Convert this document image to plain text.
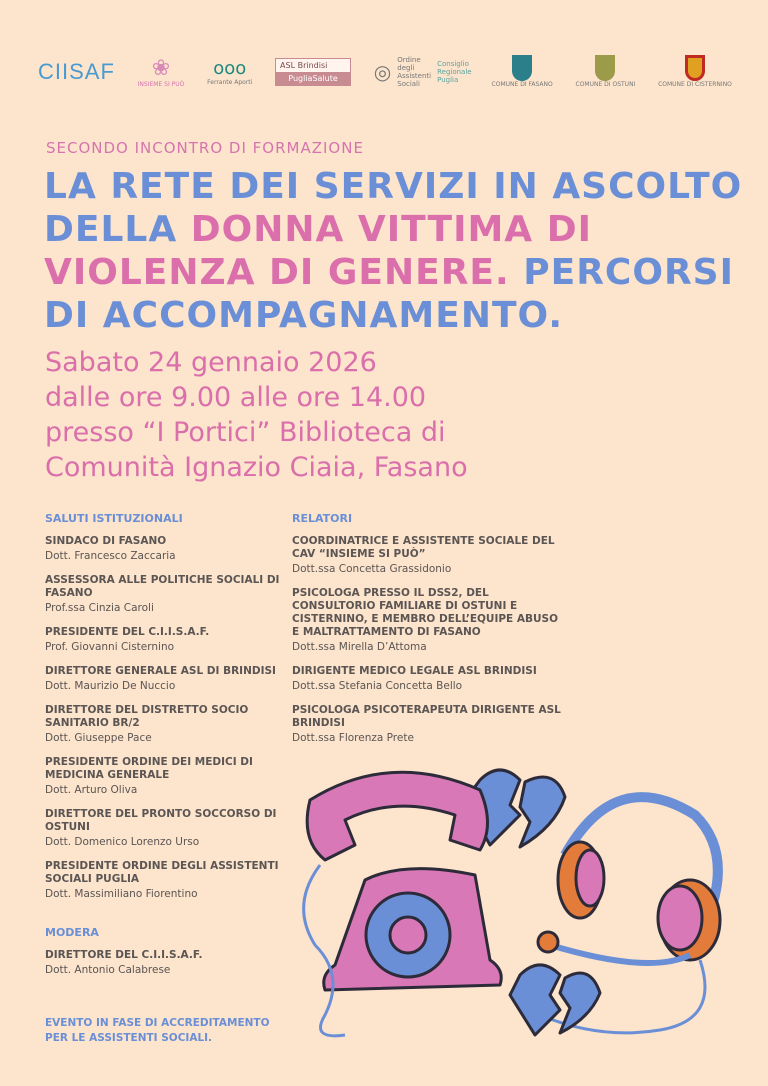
CIISAF ❀
INSIEME SI PUÒ
ooo
Ferrante Aporti
ASL Brindisi
PugliaSalute	◎ Ordine degli Assistenti Sociali
Consiglio Regionale Puglia
COMUNE DI FASANO	COMUNE DI OSTUNI	COMUNE DI CISTERNINO
SECONDO INCONTRO DI FORMAZIONE
LA RETE DEI SERVIZI IN ASCOLTO
DELLA DONNA VITTIMA DI
VIOLENZA DI GENERE. PERCORSI
DI ACCOMPAGNAMENTO.
Sabato 24 gennaio 2026
dalle ore 9.00 alle ore 14.00
presso “I Portici” Biblioteca di
Comunità Ignazio Ciaia, Fasano
SALUTI ISTITUZIONALI
SINDACO DI FASANO
Dott. Francesco Zaccaria
ASSESSORA ALLE POLITICHE SOCIALI DI FASANO
Prof.ssa Cinzia Caroli
PRESIDENTE DEL C.I.I.S.A.F.
Prof. Giovanni Cisternino
DIRETTORE GENERALE ASL DI BRINDISI
Dott. Maurizio De Nuccio
DIRETTORE DEL DISTRETTO SOCIO SANITARIO BR/2
Dott. Giuseppe Pace
PRESIDENTE ORDINE DEI MEDICI DI MEDICINA GENERALE
Dott. Arturo Oliva
DIRETTORE DEL PRONTO SOCCORSO DI OSTUNI
Dott. Domenico Lorenzo Urso
PRESIDENTE ORDINE DEGLI ASSISTENTI SOCIALI PUGLIA
Dott. Massimiliano Fiorentino
MODERA
DIRETTORE DEL C.I.I.S.A.F.
Dott. Antonio Calabrese
RELATORI
COORDINATRICE E ASSISTENTE SOCIALE DEL CAV “INSIEME SI PUÒ”
Dott.ssa Concetta Grassidonio
PSICOLOGA PRESSO IL DSS2, DEL CONSULTORIO FAMILIARE DI OSTUNI E CISTERNINO, E MEMBRO DELL’EQUIPE ABUSO E MALTRATTAMENTO DI FASANO
Dott.ssa Mirella D’Attoma
DIRIGENTE MEDICO LEGALE ASL BRINDISI
Dott.ssa Stefania Concetta Bello
PSICOLOGA PSICOTERAPEUTA DIRIGENTE ASL BRINDISI
Dott.ssa Florenza Prete
EVENTO IN FASE DI ACCREDITAMENTO
PER LE ASSISTENTI SOCIALI.
